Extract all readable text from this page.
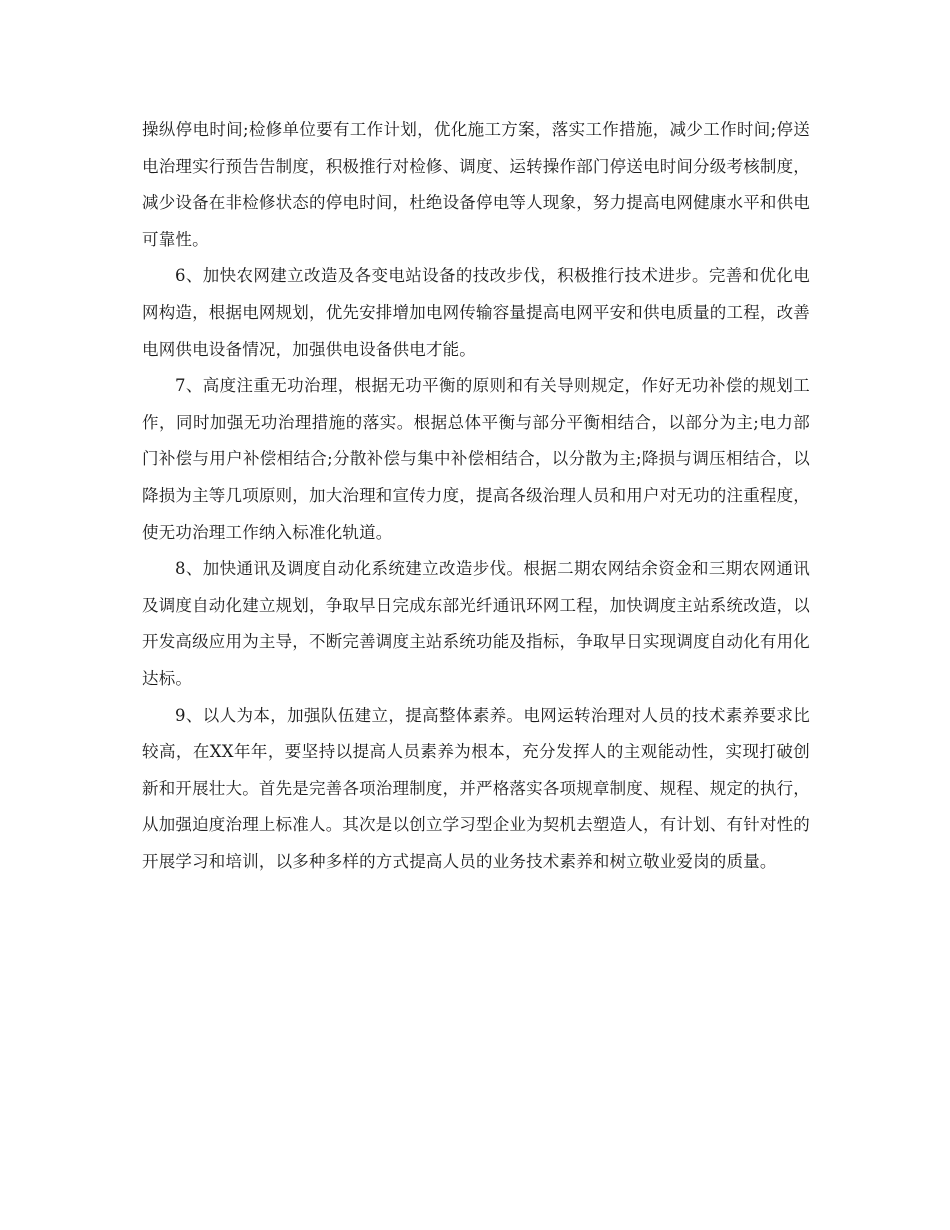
操纵停电时间;检修单位要有工作计划，优化施工方案，落实工作措施，减少工作时间;停送电治理实行预告告制度，积极推行对检修、调度、运转操作部门停送电时间分级考核制度，减少设备在非检修状态的停电时间，杜绝设备停电等人现象，努力提高电网健康水平和供电可靠性。

6、加快农网建立改造及各变电站设备的技改步伐，积极推行技术进步。完善和优化电网构造，根据电网规划，优先安排增加电网传输容量提高电网平安和供电质量的工程，改善电网供电设备情况，加强供电设备供电才能。

7、高度注重无功治理，根据无功平衡的原则和有关导则规定，作好无功补偿的规划工作，同时加强无功治理措施的落实。根据总体平衡与部分平衡相结合，以部分为主;电力部门补偿与用户补偿相结合;分散补偿与集中补偿相结合，以分散为主;降损与调压相结合，以降损为主等几项原则，加大治理和宣传力度，提高各级治理人员和用户对无功的注重程度，使无功治理工作纳入标准化轨道。

8、加快通讯及调度自动化系统建立改造步伐。根据二期农网结余资金和三期农网通讯及调度自动化建立规划，争取早日完成东部光纤通讯环网工程，加快调度主站系统改造，以开发高级应用为主导，不断完善调度主站系统功能及指标，争取早日实现调度自动化有用化达标。

9、以人为本，加强队伍建立，提高整体素养。电网运转治理对人员的技术素养要求比较高，在XX年年，要坚持以提高人员素养为根本，充分发挥人的主观能动性，实现打破创新和开展壮大。首先是完善各项治理制度，并严格落实各项规章制度、规程、规定的执行，从加强迫度治理上标准人。其次是以创立学习型企业为契机去塑造人，有计划、有针对性的开展学习和培训，以多种多样的方式提高人员的业务技术素养和树立敬业爱岗的质量。
